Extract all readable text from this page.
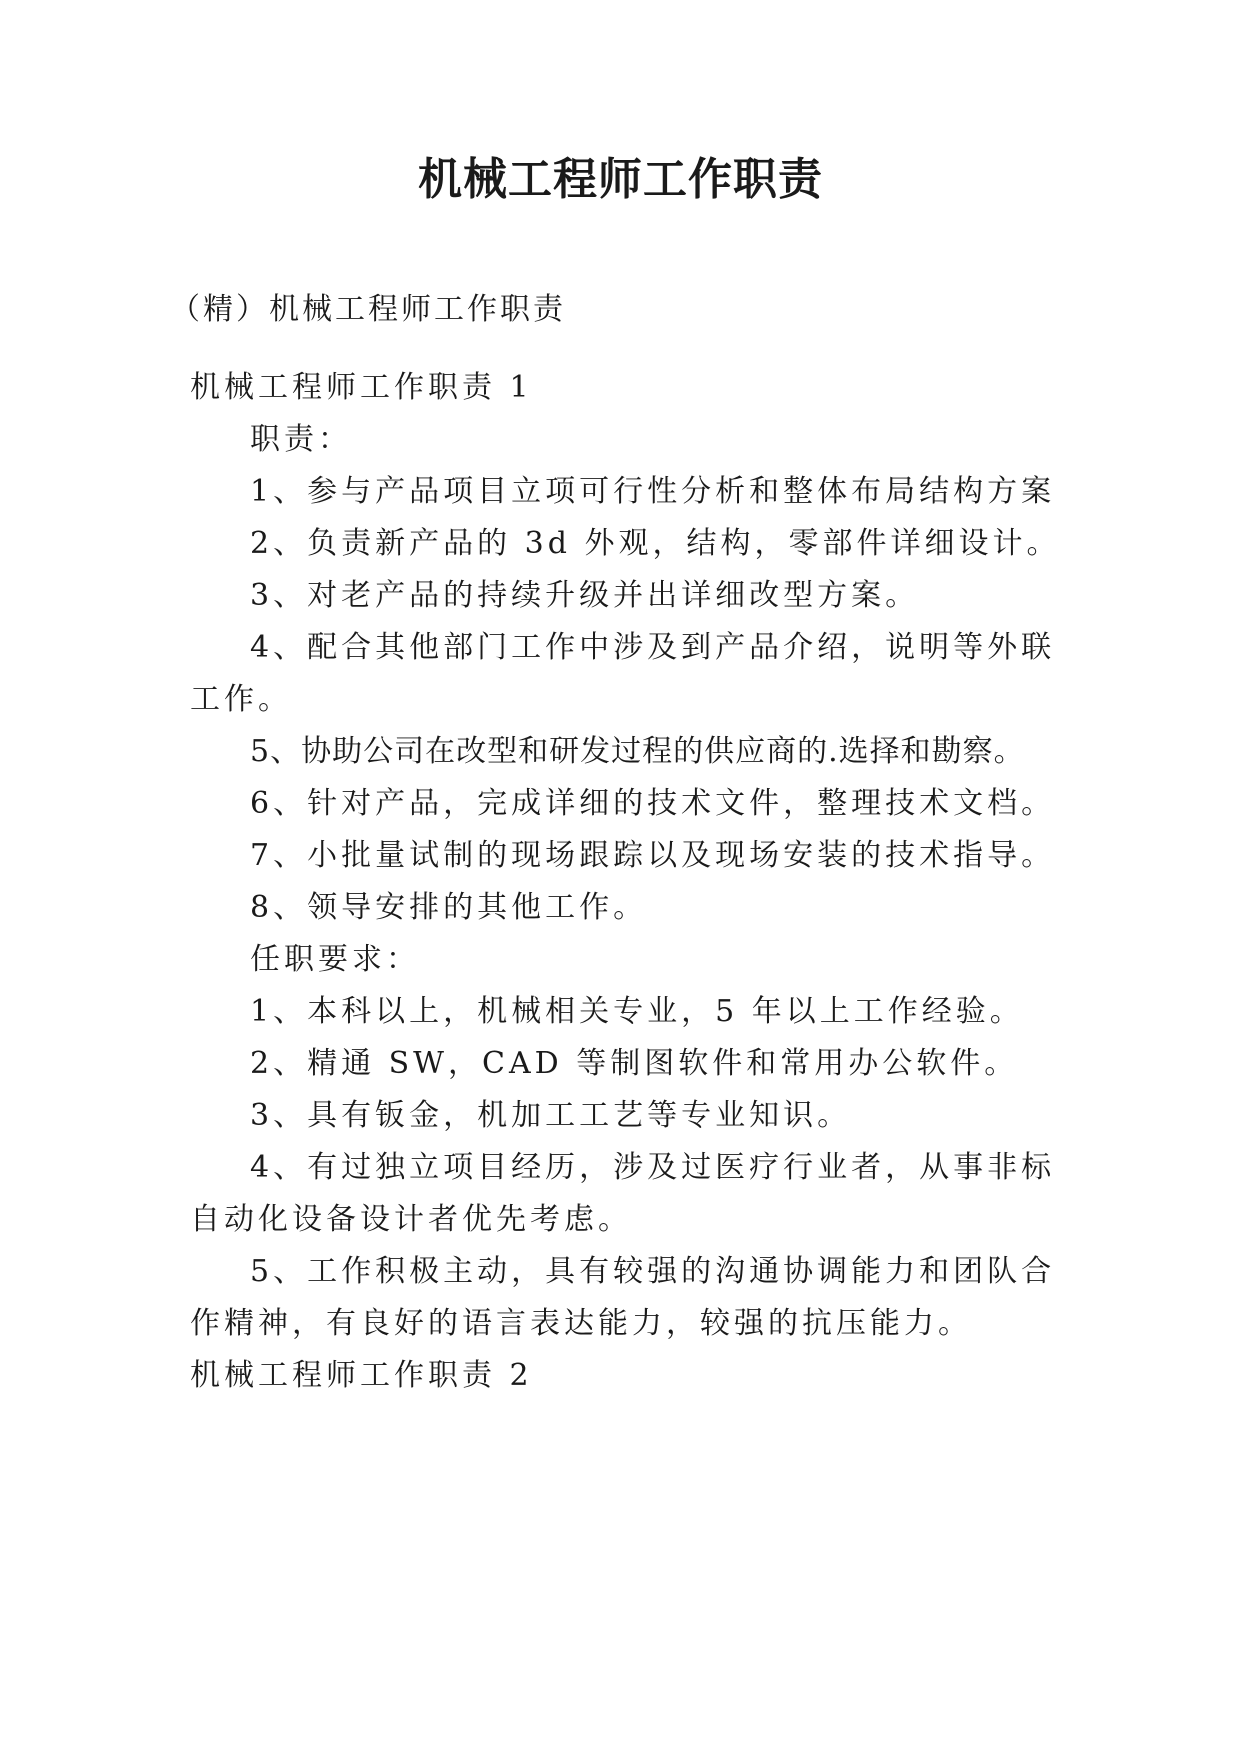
机械工程师工作职责
（精）机械工程师工作职责
机械工程师工作职责 1
职责：
1、参与产品项目立项可行性分析和整体布局结构方案
2、负责新产品的 3d 外观，结构，零部件详细设计。
3、对老产品的持续升级并出详细改型方案。
4、配合其他部门工作中涉及到产品介绍，说明等外联
工作。
5、协助公司在改型和研发过程的供应商的.选择和勘察。
6、针对产品，完成详细的技术文件，整理技术文档。
7、小批量试制的现场跟踪以及现场安装的技术指导。
8、领导安排的其他工作。
任职要求：
1、本科以上，机械相关专业，5 年以上工作经验。
2、精通 SW，CAD 等制图软件和常用办公软件。
3、具有钣金，机加工工艺等专业知识。
4、有过独立项目经历，涉及过医疗行业者，从事非标
自动化设备设计者优先考虑。
5、工作积极主动，具有较强的沟通协调能力和团队合
作精神，有良好的语言表达能力，较强的抗压能力。
机械工程师工作职责 2
